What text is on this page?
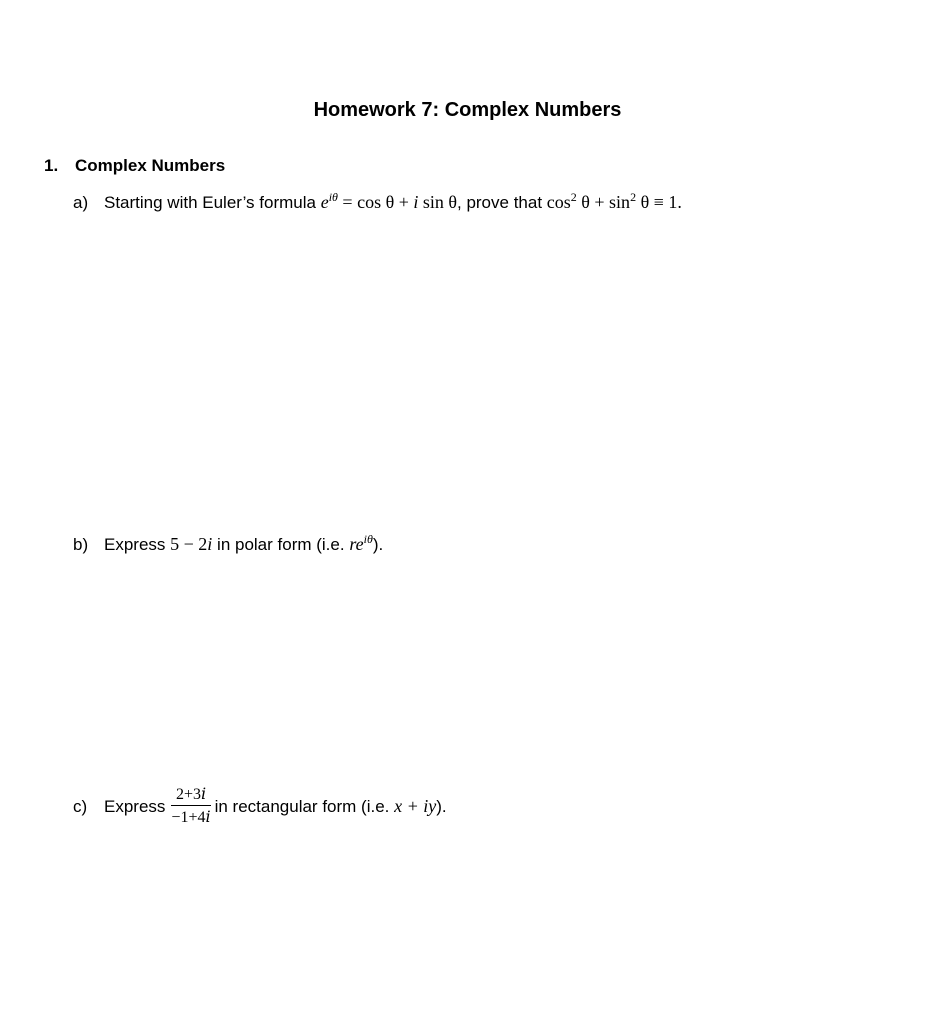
Homework 7: Complex Numbers
1. Complex Numbers
a) Starting with Euler’s formula $e^{i\theta} = \cos \theta + i$ sin θ, prove that $\cos^2 \theta + \sin^2 \theta \equiv 1$.
b) Express 5 − 2i in polar form (i.e. $re^{i\theta}$).
c) Express $\frac{\text{2+3𝑖}}{\text{−1+4𝑖}}$ in rectangular form (i.e. x + iy).
